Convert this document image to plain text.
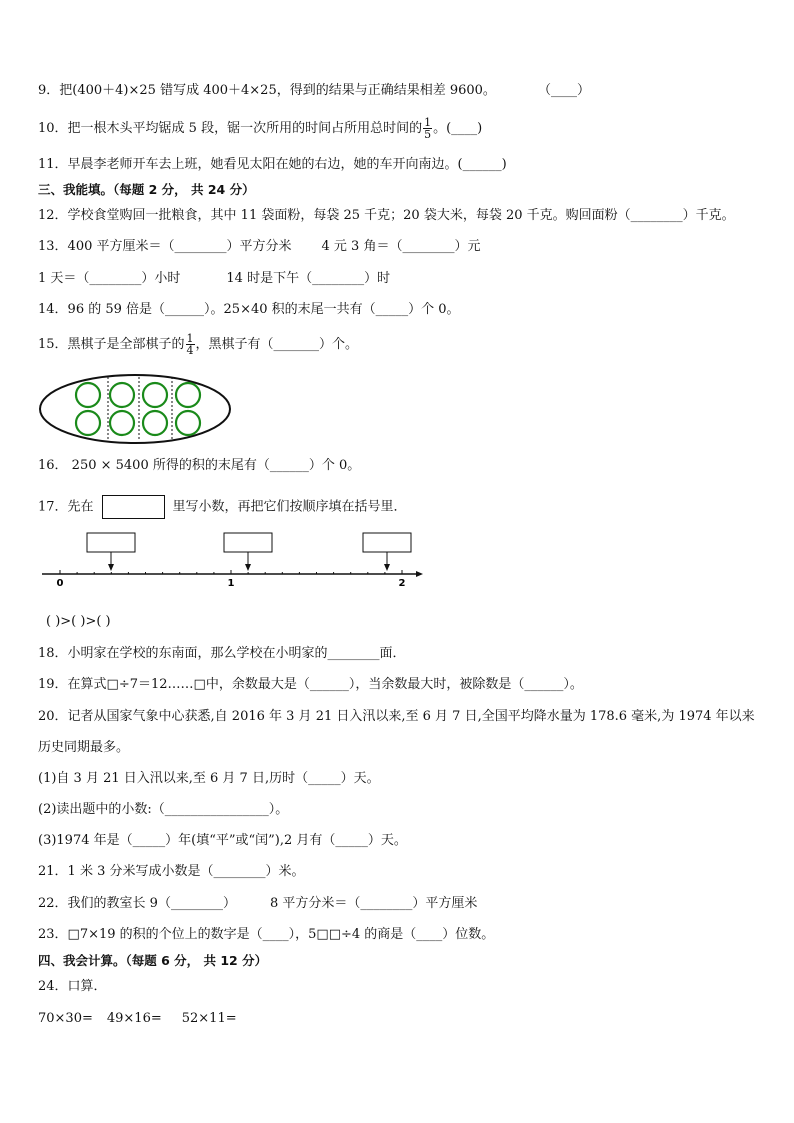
9．把(400＋4)×25 错写成 400＋4×25，得到的结果与正确结果相差 9600。	（____）
10．把一根木头平均锯成 5 段，锯一次所用的时间占所用总时间的 $\frac{1}{5}$ 。(____)
11．早晨李老师开车去上班，她看见太阳在她的右边，她的车开向南边。(______)
三、我能填。（每题 2 分， 共 24 分）
12．学校食堂购回一批粮食，其中 11 袋面粉，每袋 25 千克；20 袋大米，每袋 20 千克。购回面粉（________）千克。
13．400 平方厘米＝（________）平方分米 4 元 3 角＝（________）元
1 天＝（________）小时	14 时是下午（________）时
14．96 的 59 倍是（______）。25×40 积的末尾一共有（_____）个 0。
15．黑棋子是全部棋子的 $\frac{1}{4}$ ，黑棋子有（_______）个。
16． 250 × 5400 所得的积的末尾有（______）个 0。
17．先在	里写小数，再把它们按顺序填在括号里．
0	1	2
( )>( )>( )
18．小明家在学校的东南面，那么学校在小明家的________面．
19．在算式□÷7＝12……□中，余数最大是（______），当余数最大时，被除数是（______）。
20．记者从国家气象中心获悉,自 2016 年 3 月 21 日入汛以来,至 6 月 7 日,全国平均降水量为 178.6 毫米,为 1974 年以来
历史同期最多。
(1)自 3 月 21 日入汛以来,至 6 月 7 日,历时（_____）天。
(2)读出题中的小数:（________________）。
(3)1974 年是（_____）年(填“平”或“闰”),2 月有（_____）天。
21．1 米 3 分米写成小数是（________）米。
22．我们的教室长 9（________）	8 平方分米＝（________）平方厘米
23．□7×19 的积的个位上的数字是（____），5□□÷4 的商是（____）位数。
四、我会计算。（每题 6 分， 共 12 分）
24．口算．
70×30= 49×16= 52×11=
